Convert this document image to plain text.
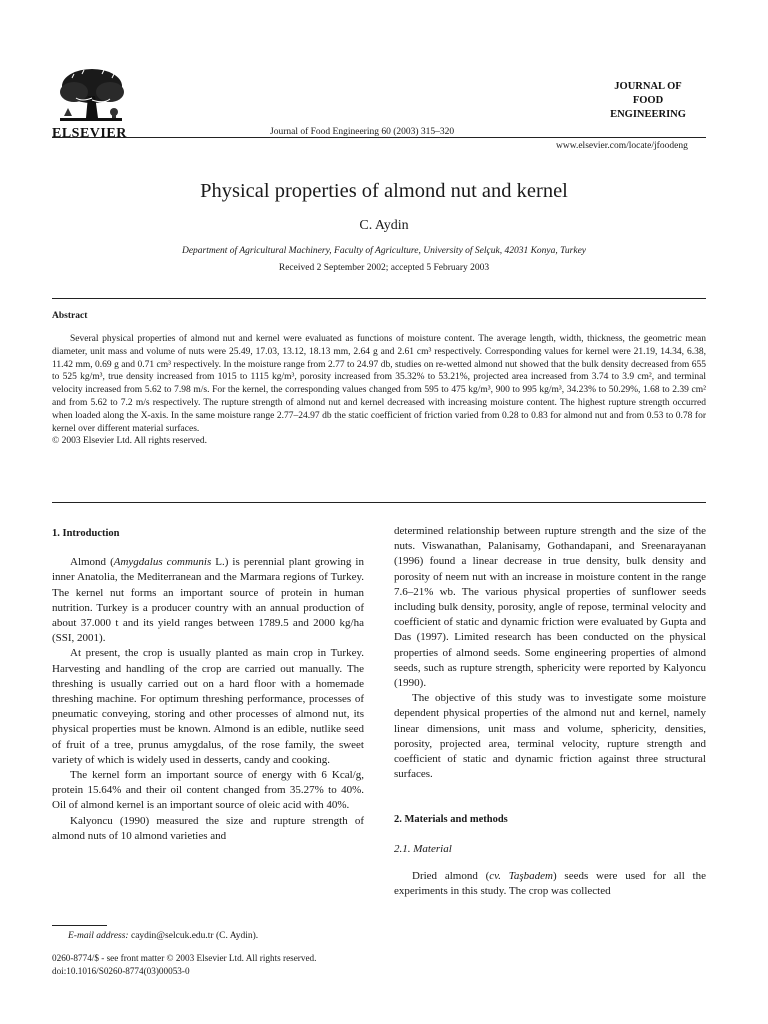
ELSEVIER	Journal of Food Engineering 60 (2003) 315–320
JOURNAL OF
FOOD
ENGINEERING
www.elsevier.com/locate/jfoodeng
Physical properties of almond nut and kernel
C. Aydin
Department of Agricultural Machinery, Faculty of Agriculture, University of Selçuk, 42031 Konya, Turkey
Received 2 September 2002; accepted 5 February 2003
Abstract

Several physical properties of almond nut and kernel were evaluated as functions of moisture content. The average length, width, thickness, the geometric mean diameter, unit mass and volume of nuts were 25.49, 17.03, 13.12, 18.13 mm, 2.64 g and 2.61 cm³ respectively. Corresponding values for kernel were 21.19, 14.34, 6.38, 11.42 mm, 0.69 g and 0.71 cm³ respectively. In the moisture range from 2.77 to 24.97 db, studies on re-wetted almond nut showed that the bulk density decreased from 655 to 525 kg/m³, true density increased from 1015 to 1115 kg/m³, porosity increased from 35.32% to 53.21%, projected area increased from 3.74 to 3.9 cm², and terminal velocity increased from 5.62 to 7.98 m/s. For the kernel, the corresponding values changed from 595 to 475 kg/m³, 900 to 995 kg/m³, 34.23% to 50.29%, 1.68 to 2.39 cm² and from 5.62 to 7.2 m/s respectively. The rupture strength of almond nut and kernel decreased with increasing moisture content. The highest rupture strength occurred when loaded along the X-axis. In the same moisture range 2.77–24.97 db the static coefficient of friction varied from 0.28 to 0.83 for almond nut and from 0.53 to 0.78 for kernel over different material surfaces.

© 2003 Elsevier Ltd. All rights reserved.

1. Introduction

Almond (Amygdalus communis L.) is perennial plant growing in inner Anatolia, the Mediterranean and the Marmara regions of Turkey. The kernel nut forms an important source of protein in human nutrition. Turkey is a producer country with an annual production of about 37.000 t and its yield ranges between 1789.5 and 2000 kg/ha (SSI, 2001).

At present, the crop is usually planted as main crop in Turkey. Harvesting and handling of the crop are carried out manually. The threshing is usually carried out on a hard floor with a homemade threshing machine. For optimum threshing performance, processes of pneumatic conveying, storing and other processes of almond nut, its physical properties must be known. Almond is an edible, nutlike seed of fruit of a tree, prunus amygdalus, of the rose family, the sweet variety of which is widely used in desserts, candy and cooking.

The kernel form an important source of energy with 6 Kcal/g, protein 15.64% and their oil content changed from 35.27% to 40%. Oil of almond kernel is an important source of oleic acid with 40%.

Kalyoncu (1990) measured the size and rupture strength of almond nuts of 10 almond varieties and

determined relationship between rupture strength and the size of the nuts. Viswanathan, Palanisamy, Gothandapani, and Sreenarayanan (1996) found a linear decrease in true density, bulk density and porosity of neem nut with an increase in moisture content in the range 7.6–21% wb. The various physical properties of sunflower seeds including bulk density, porosity, angle of repose, terminal velocity and coefficient of static and dynamic friction were evaluated by Gupta and Das (1997). Limited research has been conducted on the physical properties of almond seeds. Some engineering properties of almond seeds, such as rupture strength, sphericity were reported by Kalyoncu (1990).

The objective of this study was to investigate some moisture dependent physical properties of the almond nut and kernel, namely linear dimensions, unit mass and volume, sphericity, densities, porosity, projected area, terminal velocity, rupture strength and coefficient of static and dynamic friction against three structural surfaces.

2. Materials and methods
2.1. Material

Dried almond (cv. Taşbadem) seeds were used for all the experiments in this study. The crop was collected

E-mail address: caydin@selcuk.edu.tr (C. Aydin).
0260-8774/$ - see front matter © 2003 Elsevier Ltd. All rights reserved.
doi:10.1016/S0260-8774(03)00053-0
